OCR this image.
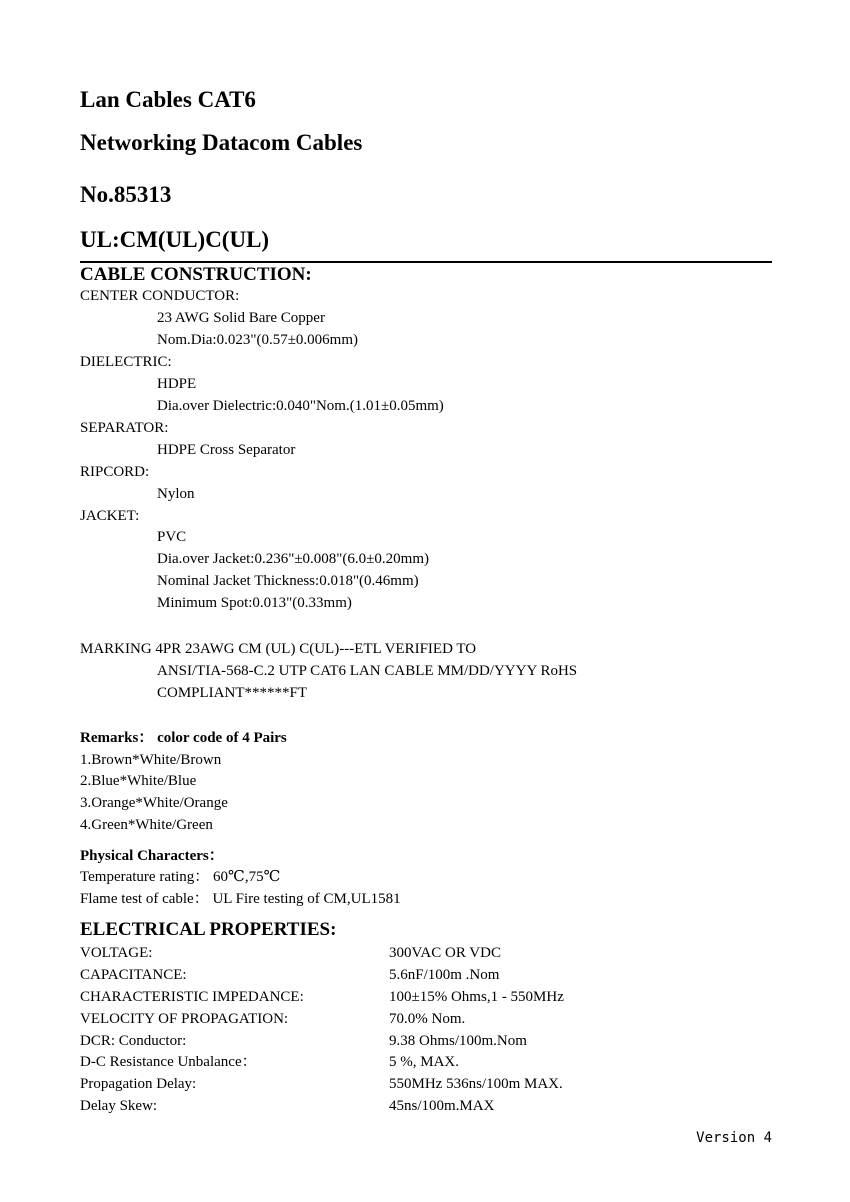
Lan Cables CAT6
Networking Datacom Cables
No.85313
UL:CM(UL)C(UL)
CABLE CONSTRUCTION:
CENTER CONDUCTOR:
23 AWG Solid Bare Copper
Nom.Dia:0.023"(0.57±0.006mm)
DIELECTRIC:
HDPE
Dia.over Dielectric:0.040"Nom.(1.01±0.05mm)
SEPARATOR:
HDPE Cross Separator
RIPCORD:
Nylon
JACKET:
PVC
Dia.over Jacket:0.236"±0.008"(6.0±0.20mm)
Nominal Jacket Thickness:0.018"(0.46mm)
Minimum Spot:0.013"(0.33mm)
MARKING 4PR 23AWG CM (UL) C(UL)---ETL VERIFIED TO
ANSI/TIA-568-C.2 UTP CAT6 LAN CABLE MM/DD/YYYY RoHS
COMPLIANT******FT
Remarks： color code of 4 Pairs
1.Brown*White/Brown
2.Blue*White/Blue
3.Orange*White/Orange
4.Green*White/Green
Physical Characters：
Temperature rating： 60℃,75℃
Flame test of cable： UL Fire testing of CM,UL1581
ELECTRICAL PROPERTIES:
VOLTAGE:	300VAC OR VDC
CAPACITANCE:	5.6nF/100m .Nom
CHARACTERISTIC IMPEDANCE:	100±15% Ohms,1 - 550MHz
VELOCITY OF PROPAGATION:	70.0% Nom.
DCR: Conductor:	9.38 Ohms/100m.Nom
D-C Resistance Unbalance：	5 %, MAX.
Propagation Delay:	550MHz 536ns/100m MAX.
Delay Skew:	45ns/100m.MAX
Version 4
